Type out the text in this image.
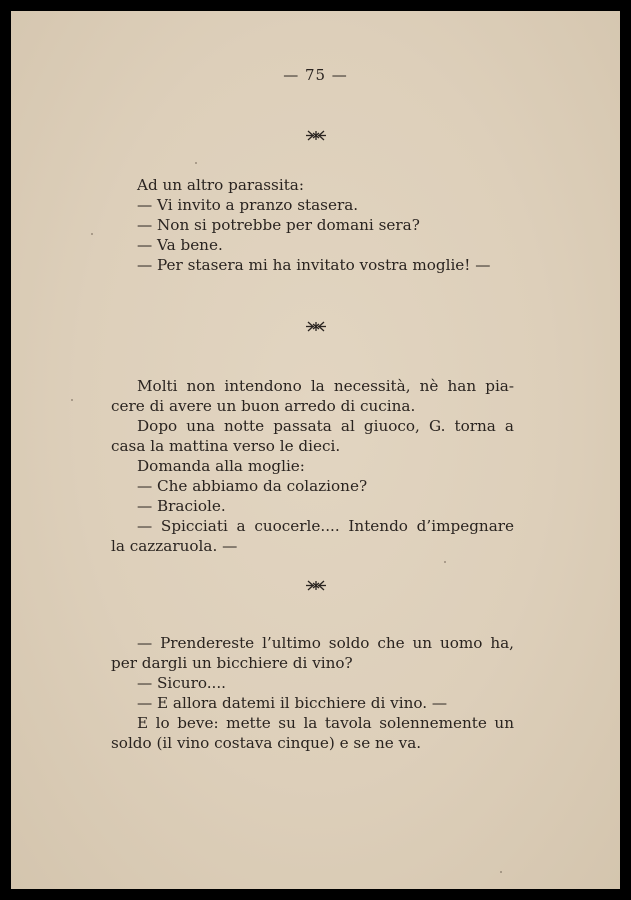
— 75 —
Ad un altro parassita:
— Vi invito a pranzo stasera.
— Non si potrebbe per domani sera?
— Va bene.
— Per stasera mi ha invitato vostra moglie! —
Molti non intendono la necessità, nè han pia-
cere di avere un buon arredo di cucina.
Dopo una notte passata al giuoco, G. torna a
casa la mattina verso le dieci.
Domanda alla moglie:
— Che abbiamo da colazione?
— Braciole.
— Spicciati a cuocerle.... Intendo d’impegnare
la cazzaruola. —
— Prendereste l’ultimo soldo che un uomo ha,
per dargli un bicchiere di vino?
— Sicuro....
— E allora datemi il bicchiere di vino. —
E lo beve: mette su la tavola solennemente un
soldo (il vino costava cinque) e se ne va.
